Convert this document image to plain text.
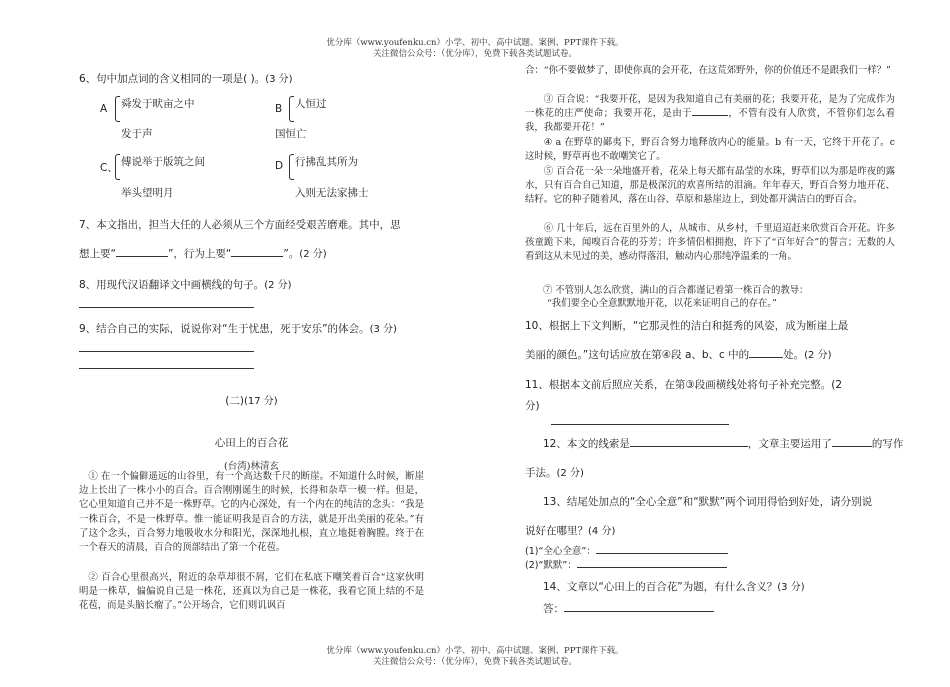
优分库（www.youfenku.cn）小学、初中、高中试题、案例、PPT课件下载。
关注微信公众号：（优分库），免费下载各类试题试卷。
优分库（www.youfenku.cn）小学、初中、高中试题、案例、PPT课件下载。
关注微信公众号：（优分库），免费下载各类试题试卷。
6、句中加点词的含义相同的一项是( )。(3 分)
A 舜发于畎亩之中
发于声
B 人恒过
国恒亡
C、 傅说举于版筑之间
举头望明月
D 行拂乱其所为
入则无法家拂士
7、本文指出，担当大任的人必须从三个方面经受艰苦磨难。其中，思
想上要“	”，行为上要“	”。(2 分)
8、用现代汉语翻译文中画横线的句子。(2 分)
9、结合自己的实际，说说你对“生于忧患，死于安乐”的体会。(3 分)
(二)(17 分)
心田上的百合花
(台湾)林清玄
① 在一个偏僻遥远的山谷里，有一个高达数千尺的断崖。不知道什么时候，断崖边上长出了一株小小的百合。百合刚刚诞生的时候，长得和杂草一模一样。但是，它心里知道自己并不是一株野草。它的内心深处，有一个内在的纯洁的念头：“我是一株百合，不是一株野草。惟一能证明我是百合的方法，就是开出美丽的花朵。”有了这个念头，百合努力地吸收水分和阳光，深深地扎根，直立地挺着胸膛。终于在一个春天的清晨，百合的顶部结出了第一个花苞。
② 百合心里很高兴，附近的杂草却很不屑，它们在私底下嘲笑着百合“这家伙明明是一株草，偏偏说自己是一株花，还真以为自己是一株花，我看它顶上结的不是花苞，而是头脑长瘤了。”公开场合，它们则讥讽百
合：“你不要做梦了，即使你真的会开花，在这荒郊野外，你的价值还不是跟我们一样？”
③ 百合说：“我要开花，是因为我知道自己有美丽的花；我要开花，是为了完成作为一株花的庄严使命；我要开花，是由于	，不管有没有人欣赏，不管你们怎么看我，我都要开花！”
④ a 在野草的鄙夷下，野百合努力地释放内心的能量。b 有一天，它终于开花了。c 这时候，野草再也不敢嘲笑它了。
⑤ 百合花一朵一朵地盛开着，花朵上每天都有晶莹的水珠，野草们以为那是昨夜的露水，只有百合自己知道，那是极深沉的欢喜所结的泪滴。年年春天，野百合努力地开花、结籽。它的种子随着风，落在山谷、草原和悬崖边上，到处都开满洁白的野百合。
⑥ 几十年后，远在百里外的人，从城市、从乡村，千里迢迢赶来欣赏百合开花。许多孩童跪下来，闻嗅百合花的芬芳；许多情侣相拥抱，许下了“百年好合”的誓言；无数的人看到这从未见过的美，感动得落泪，触动内心那纯净温柔的一角。
⑦ 不管别人怎么欣赏，满山的百合都谨记着第一株百合的教导：
“我们要全心全意默默地开花，以花来证明自己的存在。”
10、根据上下文判断，“它那灵性的洁白和挺秀的风姿，成为断崖上最
美丽的颜色。”这句话应放在第④段 a、b、c 中的	处。(2 分)
11、根据本文前后照应关系，在第③段画横线处将句子补充完整。(2
分)
12、本文的线索是	，文章主要运用了	的写作
手法。(2 分)
13、结尾处加点的“全心全意”和“默默”两个词用得恰到好处，请分别说
说好在哪里？(4 分)
(1)“全心全意”：
(2)“默默”：
14、文章以“心田上的百合花”为题，有什么含义？(3 分)
答：
